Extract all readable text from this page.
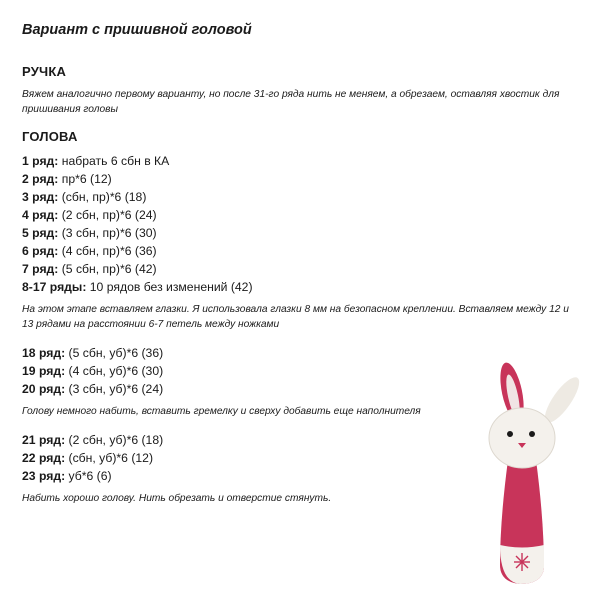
Вариант с пришивной головой
РУЧКА
Вяжем аналогично первому варианту, но после 31-го ряда нить не меняем, а обрезаем, оставляя хвостик для пришивания головы
ГОЛОВА
1 ряд: набрать 6 сбн в КА
2 ряд: пр*6 (12)
3 ряд: (сбн, пр)*6 (18)
4 ряд: (2 сбн, пр)*6 (24)
5 ряд: (3 сбн, пр)*6 (30)
6 ряд: (4 сбн, пр)*6 (36)
7 ряд: (5 сбн, пр)*6 (42)
8-17 ряды: 10 рядов без изменений (42)
На этом этапе вставляем глазки. Я использовала глазки 8 мм на безопасном креплении. Вставляем между 12 и 13 рядами на расстоянии 6-7 петель между ножками
18 ряд: (5 сбн, уб)*6 (36)
19 ряд: (4 сбн, уб)*6 (30)
20 ряд: (3 сбн, уб)*6 (24)
Голову немного набить, вставить гремелку и сверху добавить еще наполнителя
21 ряд: (2 сбн, уб)*6 (18)
22 ряд: (сбн, уб)*6 (12)
23 ряд: уб*6 (6)
Набить хорошо голову. Нить обрезать и отверстие стянуть.
